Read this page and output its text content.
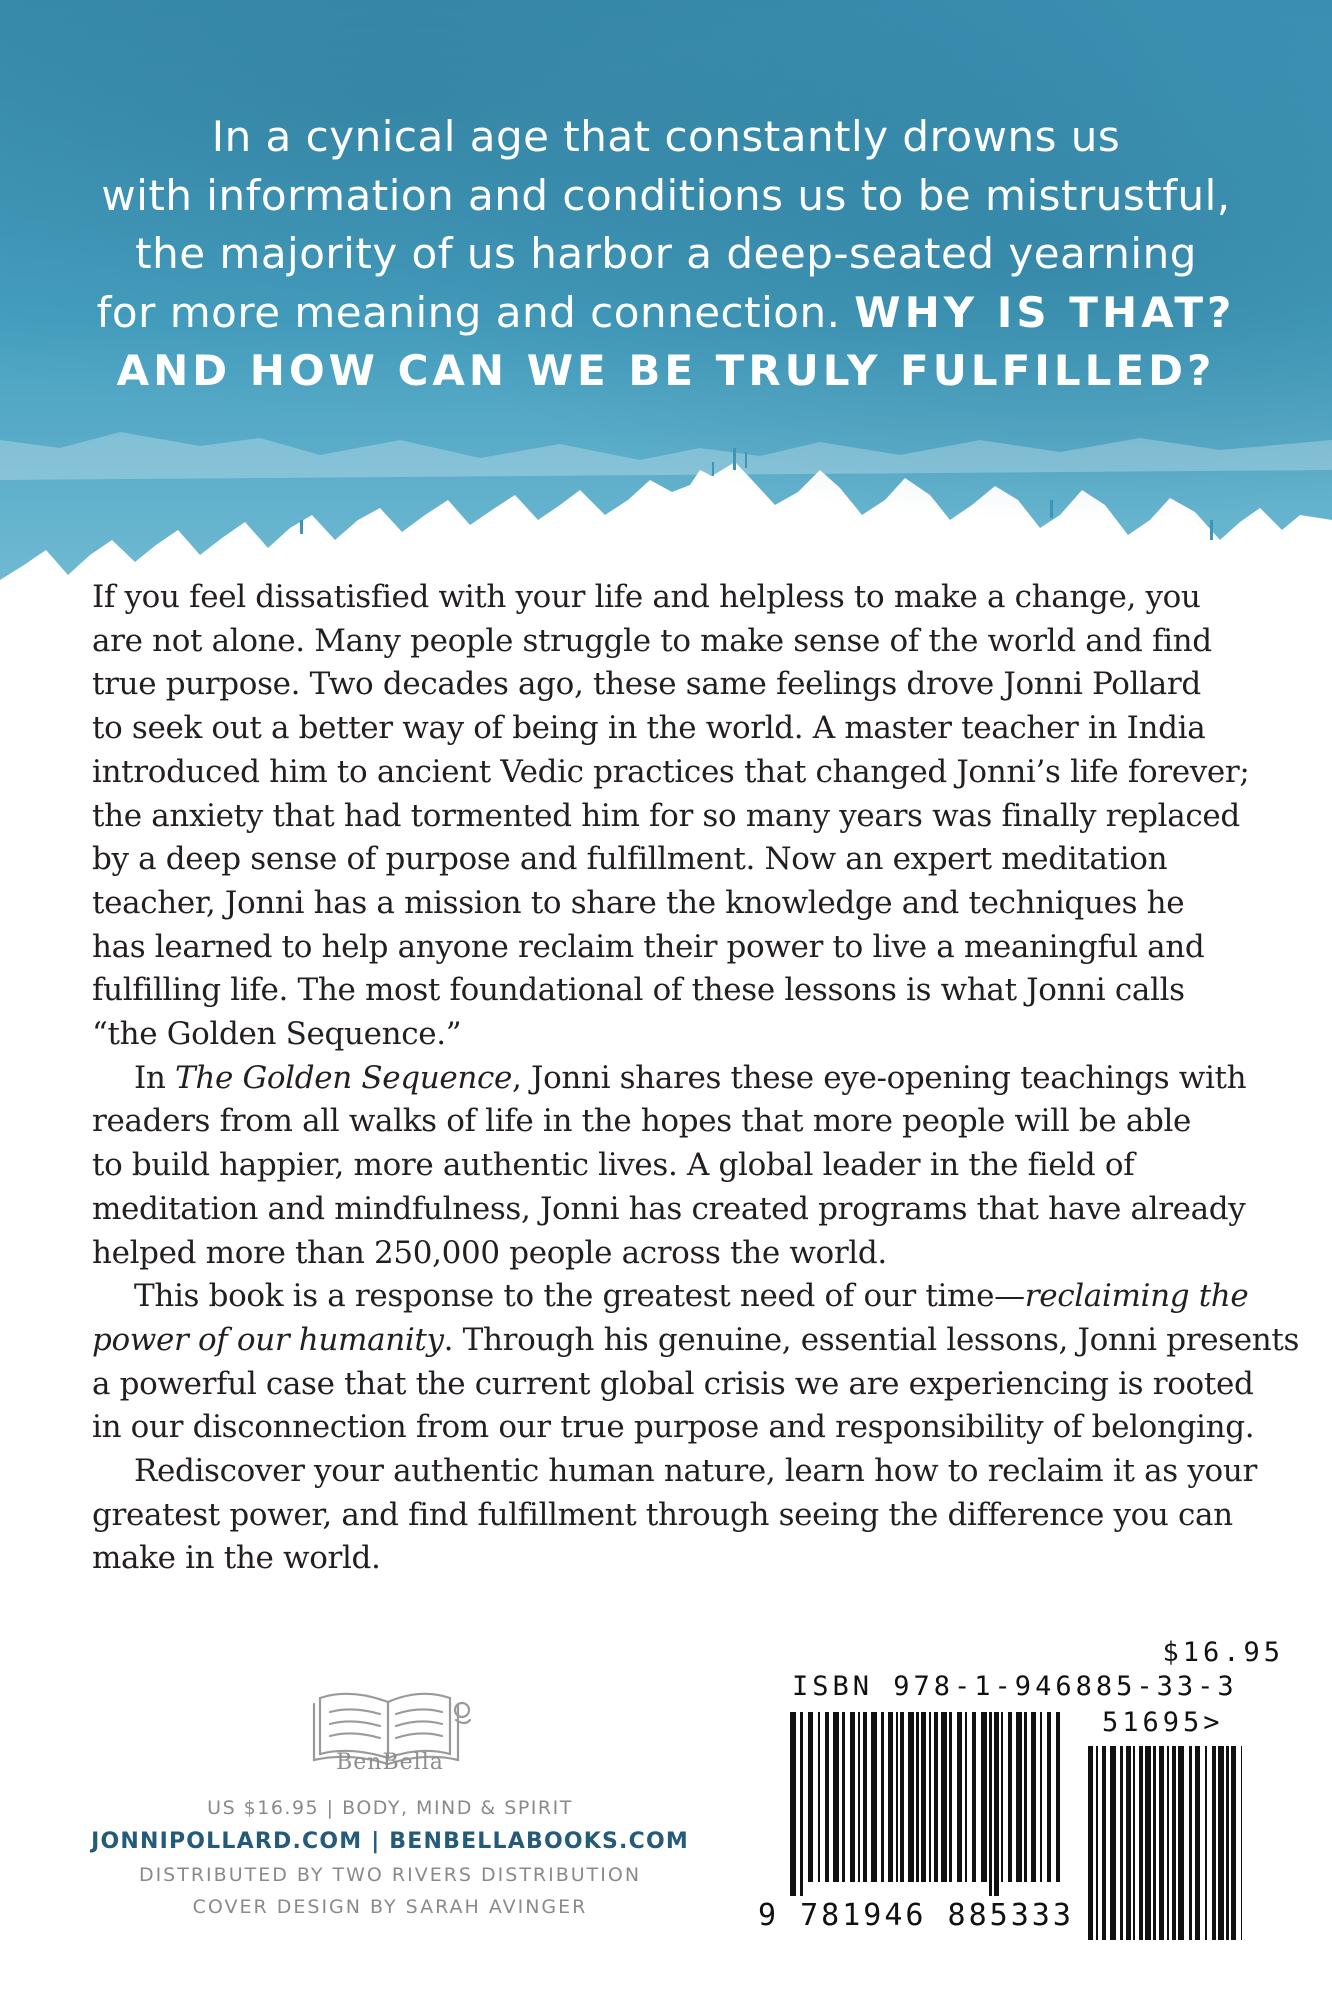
In a cynical age that constantly drowns us
with information and conditions us to be mistrustful,
the majority of us harbor a deep-seated yearning
for more meaning and connection. WHY IS THAT?
AND HOW CAN WE BE TRULY FULFILLED?
If you feel dissatisfied with your life and helpless to make a change, you
are not alone. Many people struggle to make sense of the world and find
true purpose. Two decades ago, these same feelings drove Jonni Pollard
to seek out a better way of being in the world. A master teacher in India
introduced him to ancient Vedic practices that changed Jonni’s life forever;
the anxiety that had tormented him for so many years was finally replaced
by a deep sense of purpose and fulfillment. Now an expert meditation
teacher, Jonni has a mission to share the knowledge and techniques he
has learned to help anyone reclaim their power to live a meaningful and
fulfilling life. The most foundational of these lessons is what Jonni calls
“the Golden Sequence.”
In The Golden Sequence, Jonni shares these eye-opening teachings with
readers from all walks of life in the hopes that more people will be able
to build happier, more authentic lives. A global leader in the field of
meditation and mindfulness, Jonni has created programs that have already
helped more than 250,000 people across the world.
This book is a response to the greatest need of our time—reclaiming the
power of our humanity. Through his genuine, essential lessons, Jonni presents
a powerful case that the current global crisis we are experiencing is rooted
in our disconnection from our true purpose and responsibility of belonging.
Rediscover your authentic human nature, learn how to reclaim it as your
greatest power, and find fulfillment through seeing the difference you can
make in the world.
BenBella
US $16.95 | BODY, MIND & SPIRIT
JONNIPOLLARD.COM | BENBELLABOOKS.COM
DISTRIBUTED BY TWO RIVERS DISTRIBUTION
COVER DESIGN BY SARAH AVINGER
$16.95
ISBN 978-1-946885-33-3
51695>
9 781946 885333
